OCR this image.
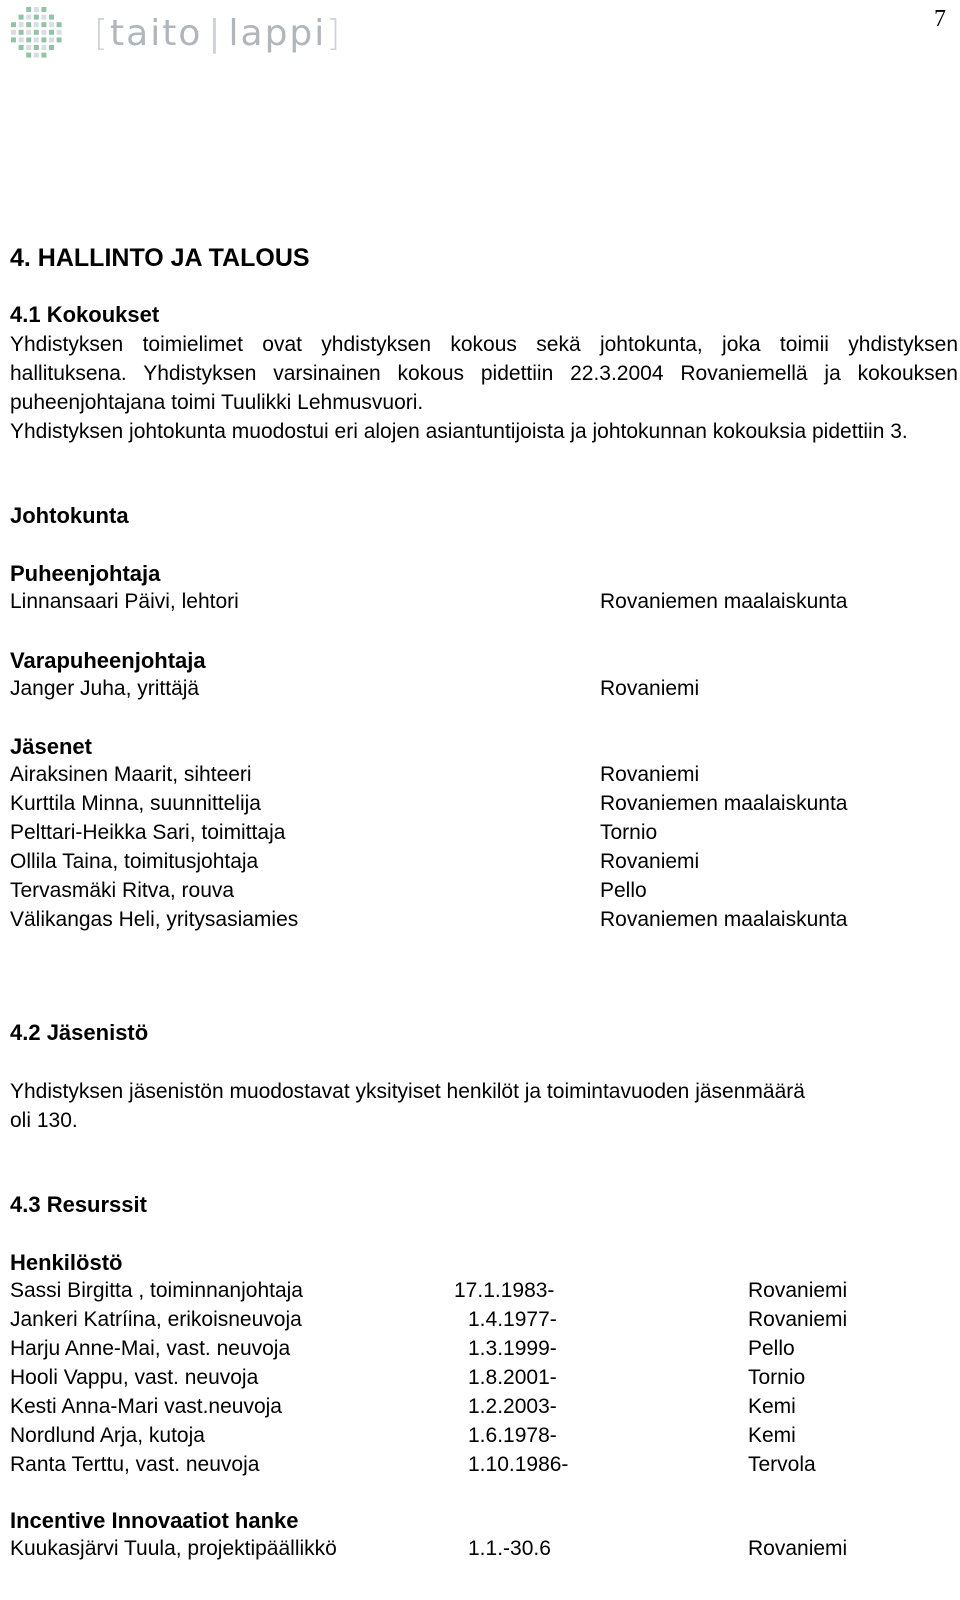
[ taito | lappi ]	7
4. HALLINTO JA TALOUS
4.1 Kokoukset
Yhdistyksen toimielimet ovat yhdistyksen kokous sekä johtokunta, joka toimii yhdistyksen hallituksena. Yhdistyksen varsinainen kokous pidettiin 22.3.2004 Rovaniemellä ja kokouksen puheenjohtajana toimi Tuulikki Lehmusvuori.
Yhdistyksen johtokunta muodostui eri alojen asiantuntijoista ja johtokunnan kokouksia pidettiin 3.
Johtokunta
Puheenjohtaja
Linnansaari Päivi, lehtori	Rovaniemen maalaiskunta
Varapuheenjohtaja
Janger Juha, yrittäjä	Rovaniemi
Jäsenet
Airaksinen Maarit, sihteeri	Rovaniemi
Kurttila Minna, suunnittelija	Rovaniemen maalaiskunta
Pelttari-Heikka Sari, toimittaja	Tornio
Ollila Taina, toimitusjohtaja	Rovaniemi
Tervasmäki Ritva, rouva	Pello
Välikangas Heli, yritysasiamies	Rovaniemen maalaiskunta
4.2 Jäsenistö
Yhdistyksen jäsenistön muodostavat yksityiset henkilöt ja toimintavuoden jäsenmäärä oli 130.
4.3 Resurssit
Henkilöstö
Sassi Birgitta , toiminnanjohtaja	17.1.1983-	Rovaniemi
Jankeri Katríina, erikoisneuvoja	1.4.1977-	Rovaniemi
Harju Anne-Mai, vast. neuvoja	1.3.1999-	Pello
Hooli Vappu, vast. neuvoja	1.8.2001-	Tornio
Kesti Anna-Mari vast.neuvoja	1.2.2003-	Kemi
Nordlund Arja, kutoja	1.6.1978-	Kemi
Ranta Terttu, vast. neuvoja	1.10.1986-	Tervola
Incentive Innovaatiot hanke
Kuukasjärvi Tuula, projektipäällikkö	1.1.-30.6	Rovaniemi
